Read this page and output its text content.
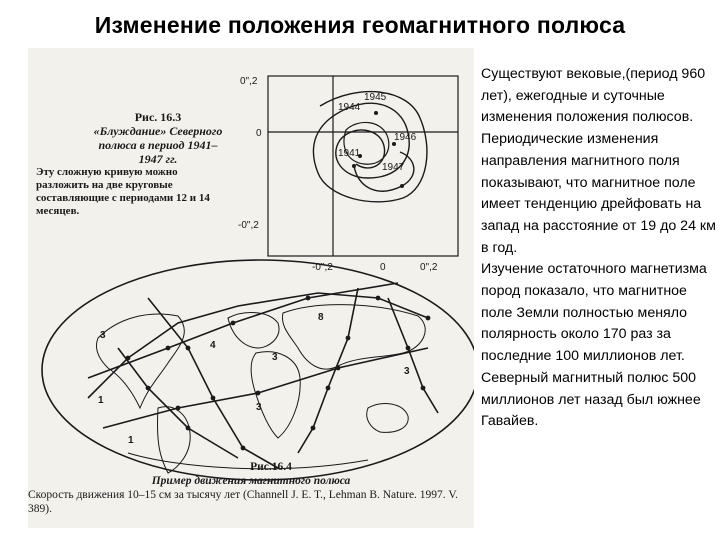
Изменение положения геомагнитного полюса
Рис. 16.3
«Блуждание» Северного
полюса в период 1941–
1947 гг.
Эту сложную кривую можно разложить на две круговые составляющие с периодами 12 и 14 месяцев.
0",2
0
-0",2
-0",2	0	0",2
1945
1944
1946
1941
1947
3
4
3
1
1
3
8
3
Рис.16.4
Пример движения магнитного полюса
Скорость движения 10–15 см за тысячу лет (Channell J. E. T., Lehman B. Nature. 1997. V. 389).
Существуют вековые,(период 960 лет), ежегодные и суточные изменения положения полюсов. Периодические изменения направления магнитного поля показывают, что магнитное поле имеет тенденцию дрейфовать на запад на расстояние от 19 до 24 км в год.
Изучение остаточного магнетизма пород показало, что магнитное поле Земли полностью меняло полярность около 170 раз за последние 100 миллионов лет. Северный магнитный полюс 500 миллионов лет назад был южнее Гавайев.
